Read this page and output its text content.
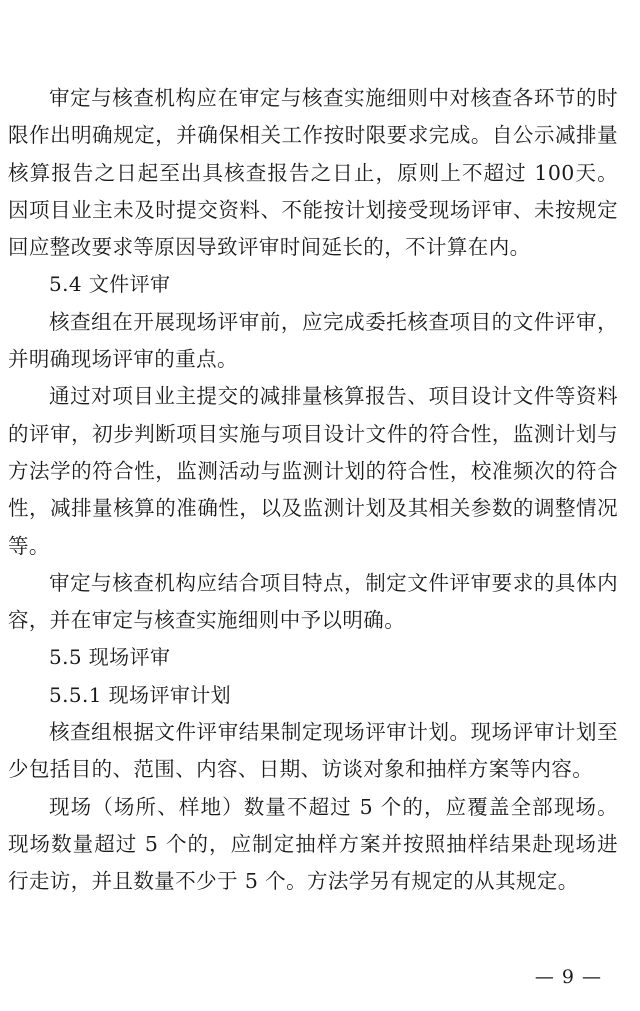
审定与核查机构应在审定与核查实施细则中对核查各环节的时限作出明确规定，并确保相关工作按时限要求完成。自公示减排量核算报告之日起至出具核查报告之日止，原则上不超过 100天。因项目业主未及时提交资料、不能按计划接受现场评审、未按规定回应整改要求等原因导致评审时间延长的，不计算在内。

5.4 文件评审

核查组在开展现场评审前，应完成委托核查项目的文件评审，并明确现场评审的重点。

通过对项目业主提交的减排量核算报告、项目设计文件等资料的评审，初步判断项目实施与项目设计文件的符合性，监测计划与方法学的符合性，监测活动与监测计划的符合性，校准频次的符合性，减排量核算的准确性，以及监测计划及其相关参数的调整情况等。

审定与核查机构应结合项目特点，制定文件评审要求的具体内容，并在审定与核查实施细则中予以明确。

5.5 现场评审

5.5.1 现场评审计划

核查组根据文件评审结果制定现场评审计划。现场评审计划至少包括目的、范围、内容、日期、访谈对象和抽样方案等内容。

现场（场所、样地）数量不超过 5 个的，应覆盖全部现场。现场数量超过 5 个的，应制定抽样方案并按照抽样结果赴现场进行走访，并且数量不少于 5 个。方法学另有规定的从其规定。

— 9 —
